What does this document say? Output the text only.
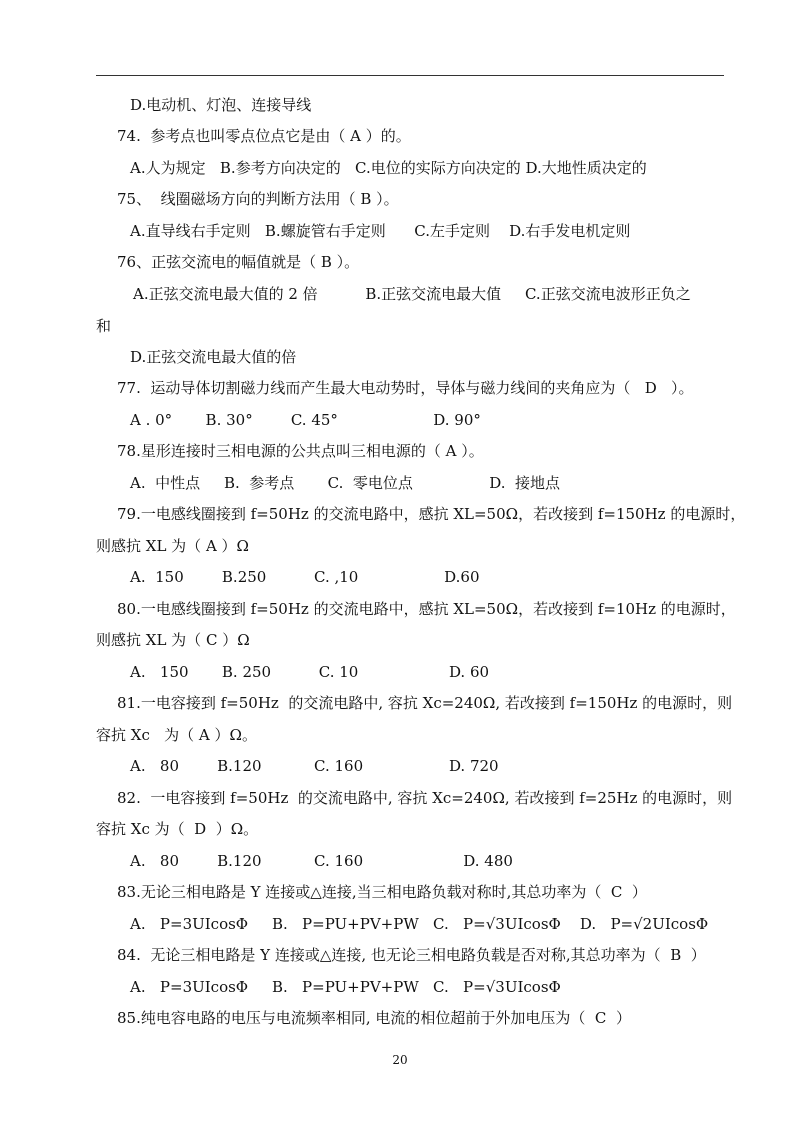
D.电动机、灯泡、连接导线
74.  参考点也叫零点位点它是由（ A ）的。
A.人为规定   B.参考方向决定的   C.电位的实际方向决定的 D.大地性质决定的
75、  线圈磁场方向的判断方法用（ B ）。
A.直导线右手定则   B.螺旋管右手定则      C.左手定则    D.右手发电机定则
76、正弦交流电的幅值就是（ B ）。
A.正弦交流电最大值的 2 倍          B.正弦交流电最大值     C.正弦交流电波形正负之
和
D.正弦交流电最大值的倍
77.  运动导体切割磁力线而产生最大电动势时，导体与磁力线间的夹角应为（   D   ）。
A . 0°       B. 30°        C. 45°                    D. 90°
78.星形连接时三相电源的公共点叫三相电源的（ A ）。
A.  中性点     B.  参考点       C.  零电位点                D.  接地点
79.一电感线圈接到 f=50Hz 的交流电路中，感抗 XL=50Ω，若改接到 f=150Hz 的电源时，
则感抗 XL 为（ A ）Ω
A.  150        B.250          C. ,10                  D.60
80.一电感线圈接到 f=50Hz 的交流电路中，感抗 XL=50Ω，若改接到 f=10Hz 的电源时，
则感抗 XL 为（ C ）Ω
A.   150       B. 250          C. 10                   D. 60
81.一电容接到 f=50Hz  的交流电路中, 容抗 Xc=240Ω, 若改接到 f=150Hz 的电源时，则
容抗 Xc   为（ A ）Ω。
A.   80        B.120           C. 160                  D. 720
82.  一电容接到 f=50Hz  的交流电路中, 容抗 Xc=240Ω, 若改接到 f=25Hz 的电源时，则
容抗 Xc 为（  D  ）Ω。
A.   80        B.120           C. 160                     D. 480
83.无论三相电路是 Y 连接或△连接,当三相电路负载对称时,其总功率为（  C  ）
A.   P=3UIcosΦ     B.   P=PU+PV+PW   C.   P=√3UIcosΦ    D.   P=√2UIcosΦ
84.  无论三相电路是 Y 连接或△连接, 也无论三相电路负载是否对称,其总功率为（  B  ）
A.   P=3UIcosΦ     B.   P=PU+PV+PW   C.   P=√3UIcosΦ
85.纯电容电路的电压与电流频率相同, 电流的相位超前于外加电压为（  C  ）
20
